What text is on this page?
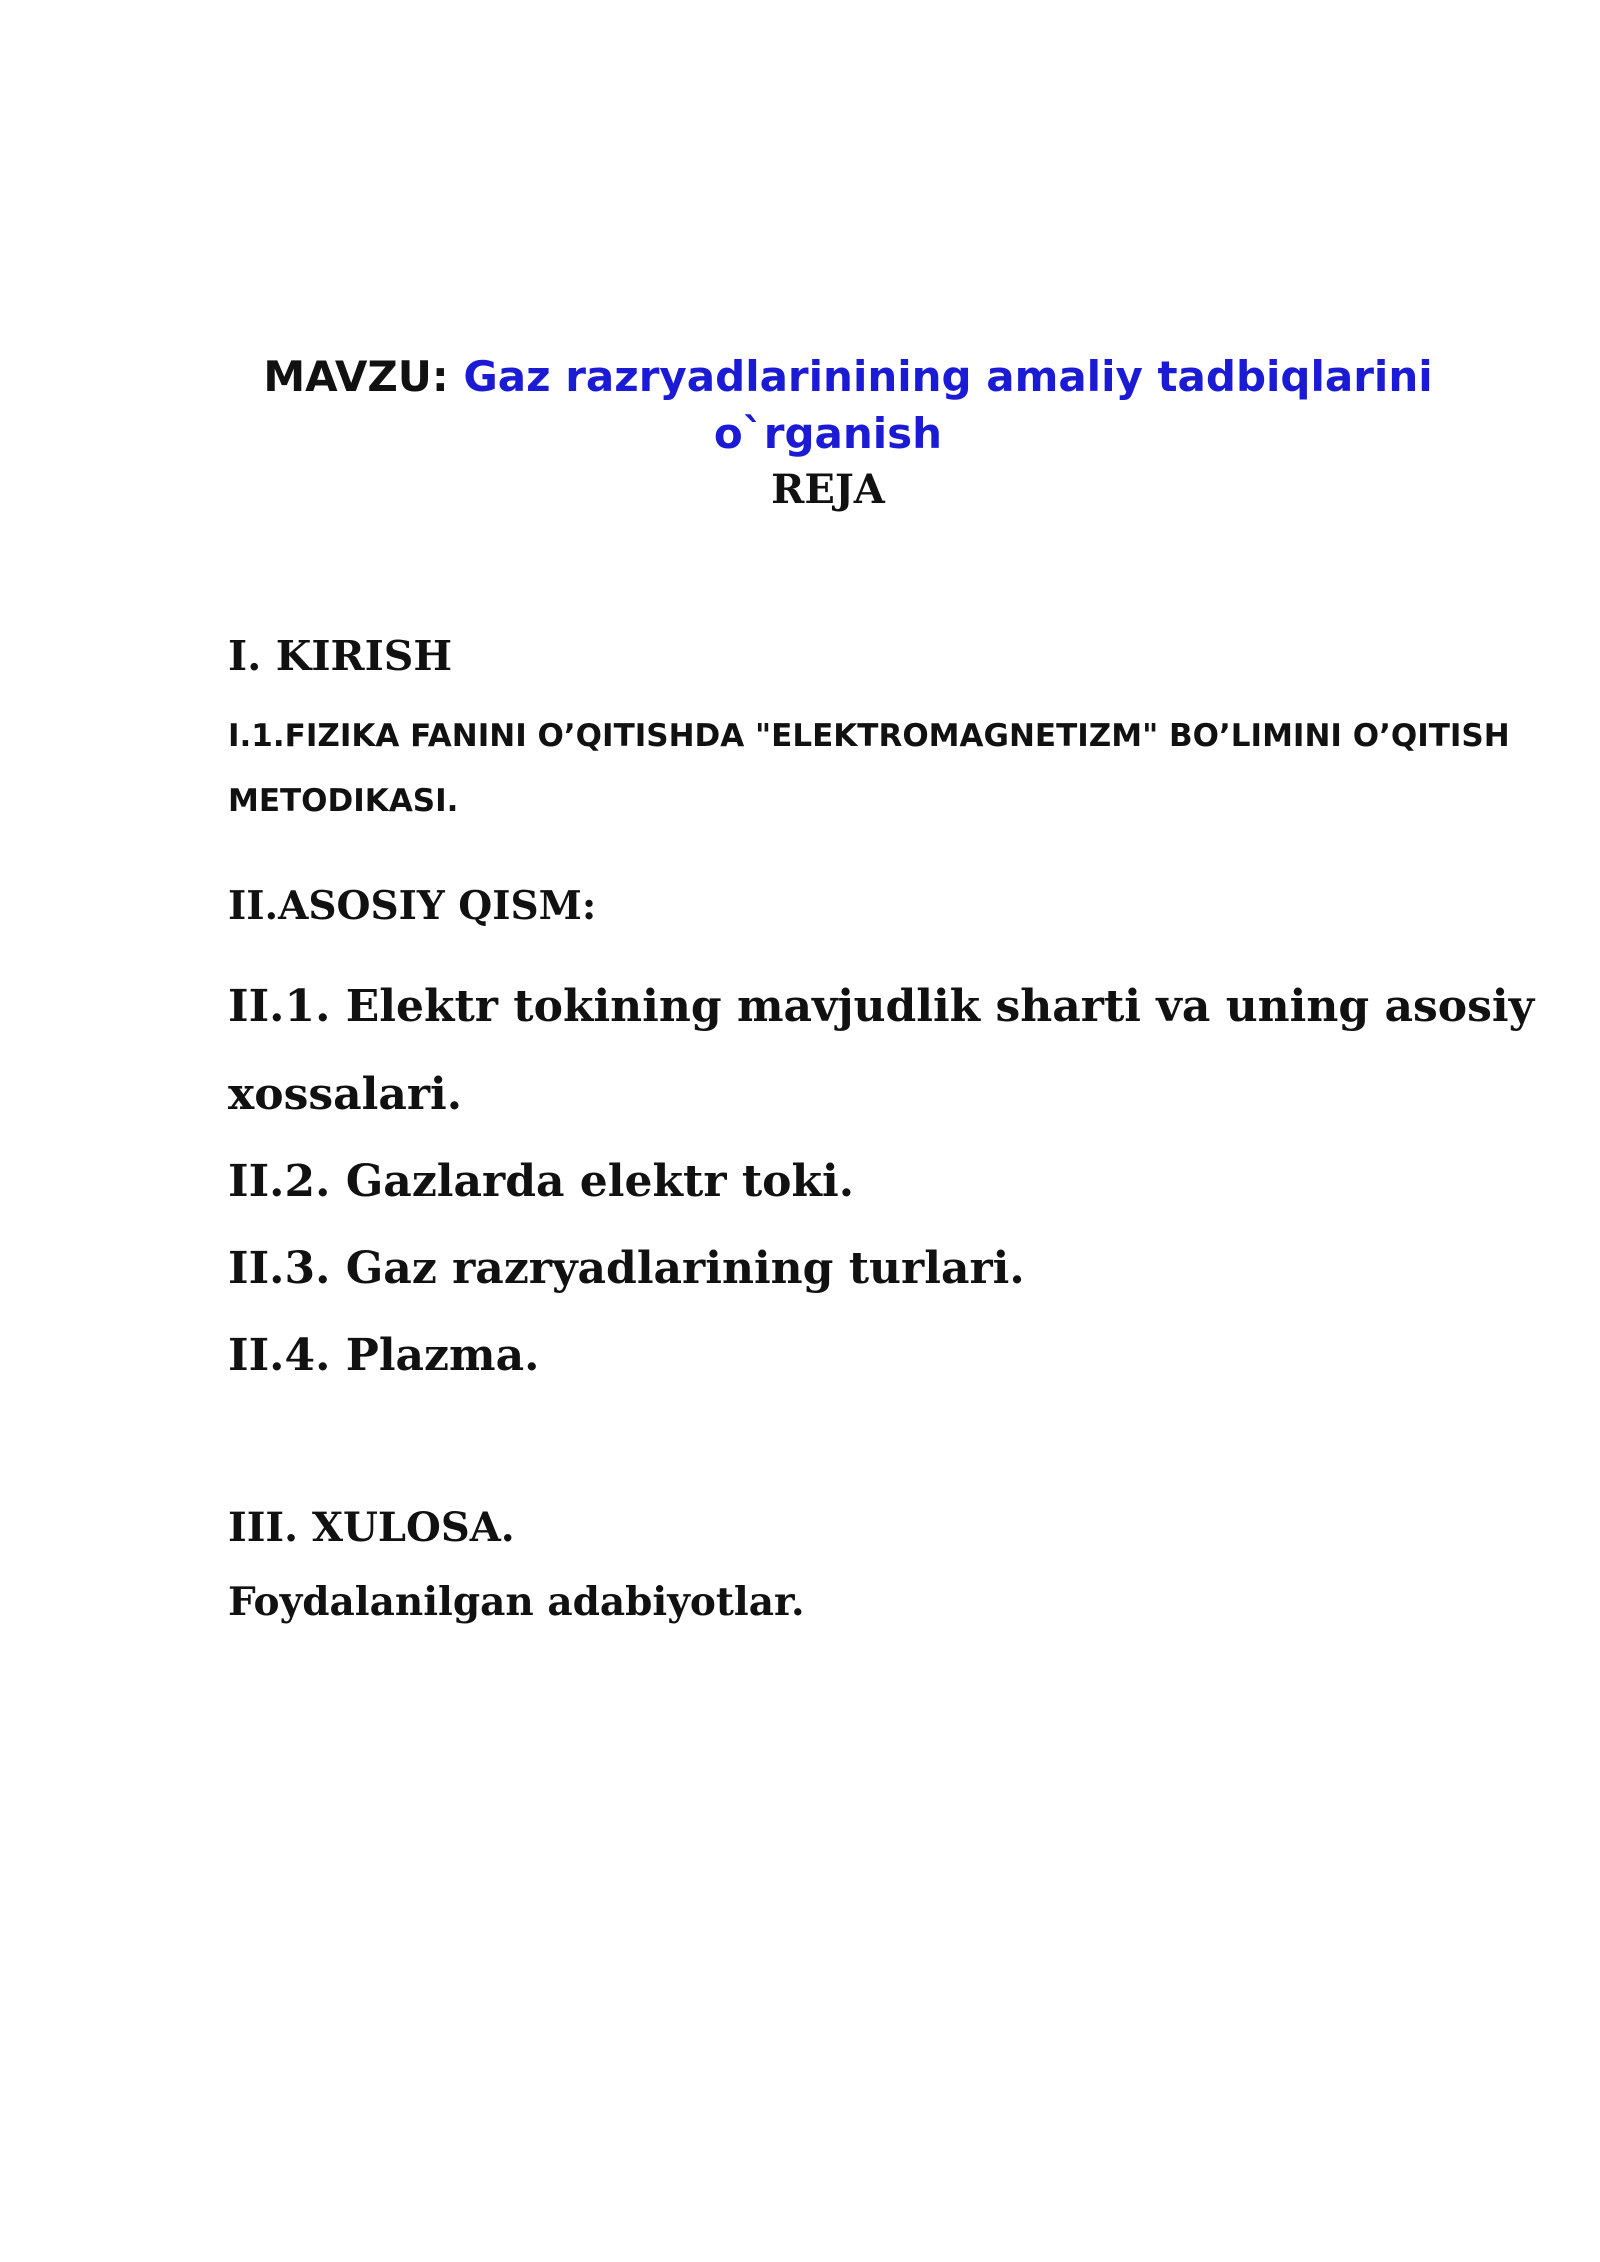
MAVZU: Gaz razryadlarinining amaliy tadbiqlarini
o`rganish
REJA
I. KIRISH
I.1.FIZIKA FANINI O’QITISHDA "ELEKTROMAGNETIZM" BO’LIMINI O’QITISH
METODIKASI.
II.ASOSIY QISM:
II.1. Elektr tokining mavjudlik sharti va uning asosiy
xossalari.
II.2. Gazlarda elektr toki.
II.3. Gaz razryadlarining turlari.
II.4. Plazma.
III. XULOSA.
Foydalanilgan adabiyotlar.
